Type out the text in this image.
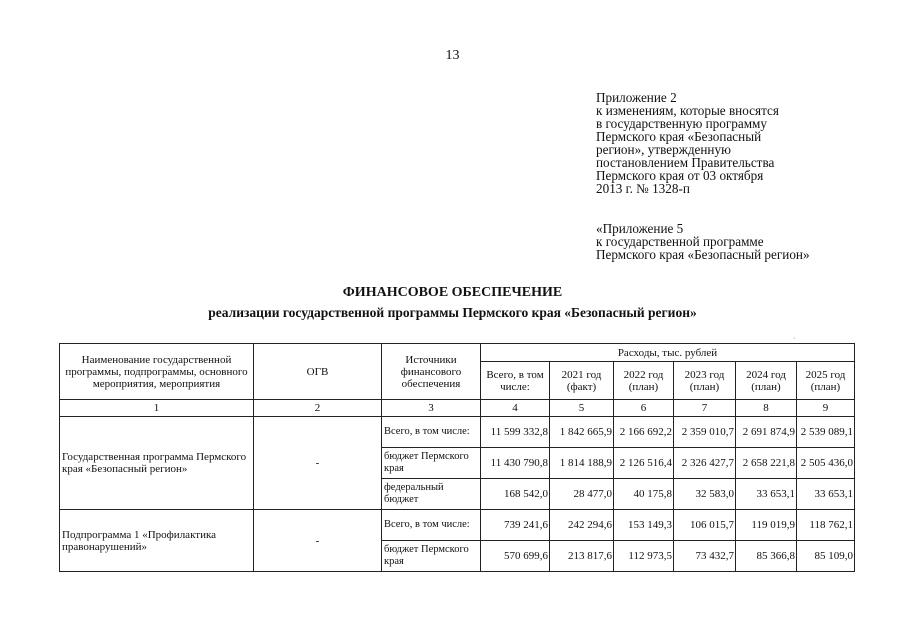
13
Приложение 2
к изменениям, которые вносятся
в государственную программу
Пермского края «Безопасный
регион», утвержденную
постановлением Правительства
Пермского края от 03 октября
2013 г. № 1328-п
«Приложение 5
к государственной программе
Пермского края «Безопасный регион»
ФИНАНСОВОЕ ОБЕСПЕЧЕНИЕ
реализации государственной программы Пермского края «Безопасный регион»
·
Наименование государственной программы, подпрограммы, основного мероприятия, мероприятия	ОГВ	Источники финансового обеспечения	Расходы, тыс. рублей					
			Всего, в том числе:	2021 год (факт)	2022 год (план)	2023 год (план)	2024 год (план)	2025 год (план)
1	2	3	4	5	6	7	8	9
Государственная программа Пермского края «Безопасный регион»	-	Всего, в том числе:	11 599 332,8	1 842 665,9	2 166 692,2	2 359 010,7	2 691 874,9	2 539 089,1
		бюджет Пермского края	11 430 790,8	1 814 188,9	2 126 516,4	2 326 427,7	2 658 221,8	2 505 436,0
		федеральный бюджет	168 542,0	28 477,0	40 175,8	32 583,0	33 653,1	33 653,1
Подпрограмма 1 «Профилактика правонарушений»	-	Всего, в том числе:	739 241,6	242 294,6	153 149,3	106 015,7	119 019,9	118 762,1
		бюджет Пермского края	570 699,6	213 817,6	112 973,5	73 432,7	85 366,8	85 109,0
